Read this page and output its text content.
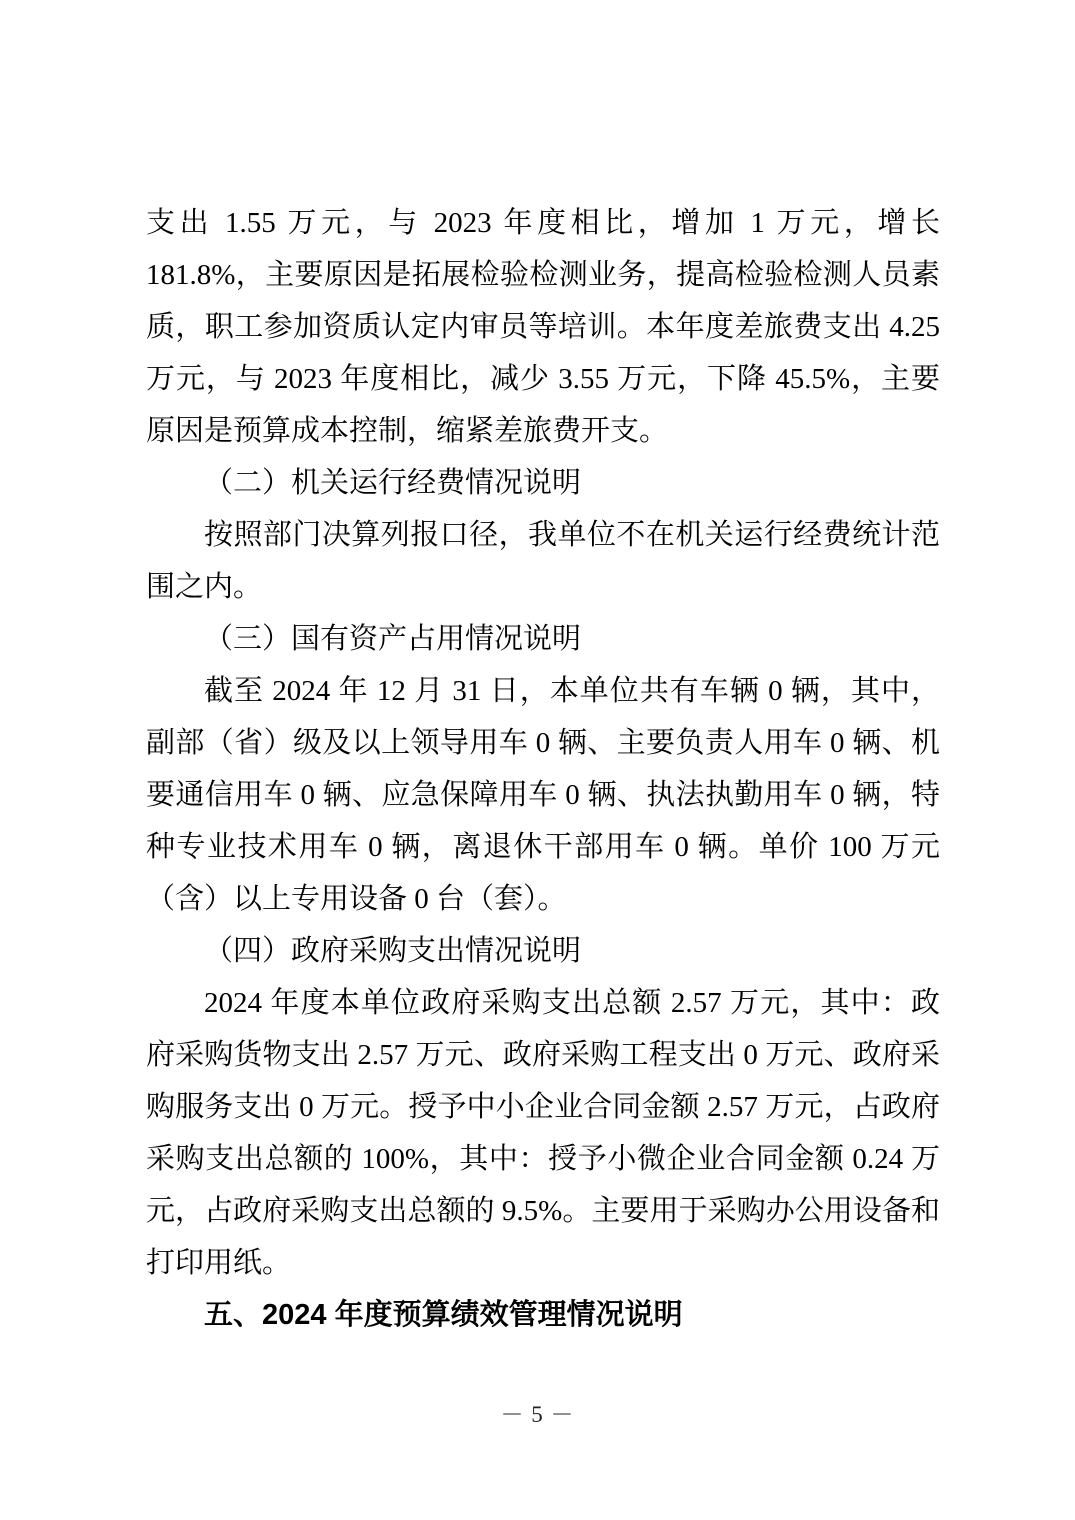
支出 1.55 万元，与 2023 年度相比，增加 1 万元，增长 181.8%，主要原因是拓展检验检测业务，提高检验检测人员素质，职工参加资质认定内审员等培训。本年度差旅费支出 4.25 万元，与 2023 年度相比，减少 3.55 万元，下降 45.5%，主要原因是预算成本控制，缩紧差旅费开支。

（二）机关运行经费情况说明

按照部门决算列报口径，我单位不在机关运行经费统计范围之内。

（三）国有资产占用情况说明

截至 2024 年 12 月 31 日，本单位共有车辆 0 辆，其中，副部（省）级及以上领导用车 0 辆、主要负责人用车 0 辆、机要通信用车 0 辆、应急保障用车 0 辆、执法执勤用车 0 辆，特种专业技术用车 0 辆，离退休干部用车 0 辆。单价 100 万元（含）以上专用设备 0 台（套）。

（四）政府采购支出情况说明

2024 年度本单位政府采购支出总额 2.57 万元，其中：政府采购货物支出 2.57 万元、政府采购工程支出 0 万元、政府采购服务支出 0 万元。授予中小企业合同金额 2.57 万元，占政府采购支出总额的 100%，其中：授予小微企业合同金额 0.24 万元，占政府采购支出总额的 9.5%。主要用于采购办公用设备和打印用纸。

五、2024 年度预算绩效管理情况说明

－ 5 －
